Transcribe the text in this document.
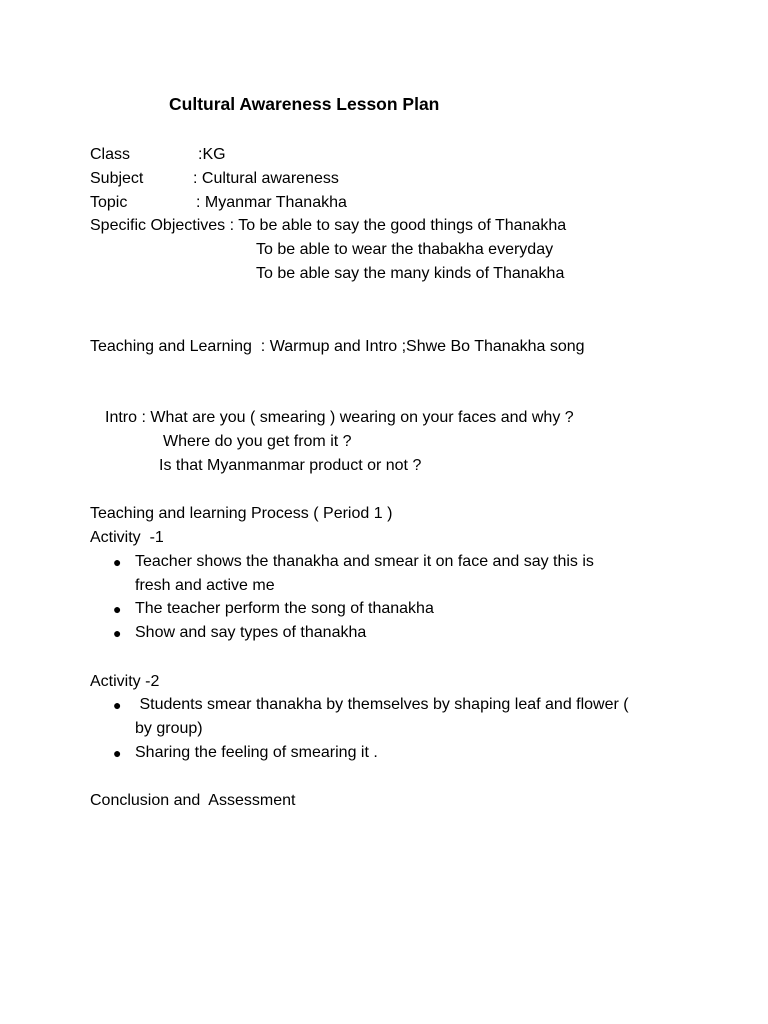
Cultural Awareness Lesson Plan
Class	:KG
Subject	: Cultural awareness
Topic	: Myanmar Thanakha
Specific Objectives : To be able to say the good things of Thanakha
To be able to wear the thabakha everyday
To be able say the many kinds of Thanakha
Teaching and Learning  : Warmup and Intro ;Shwe Bo Thanakha song
Intro : What are you ( smearing ) wearing on your faces and why ?
Where do you get from it ?
Is that Myanmanmar product or not ?
Teaching and learning Process ( Period 1 )
Activity  -1
● Teacher shows the thanakha and smear it on face and say this is
fresh and active me
● The teacher perform the song of thanakha
● Show and say types of thanakha
Activity -2
● Students smear thanakha by themselves by shaping leaf and flower (
by group)
● Sharing the feeling of smearing it .
Conclusion and  Assessment
